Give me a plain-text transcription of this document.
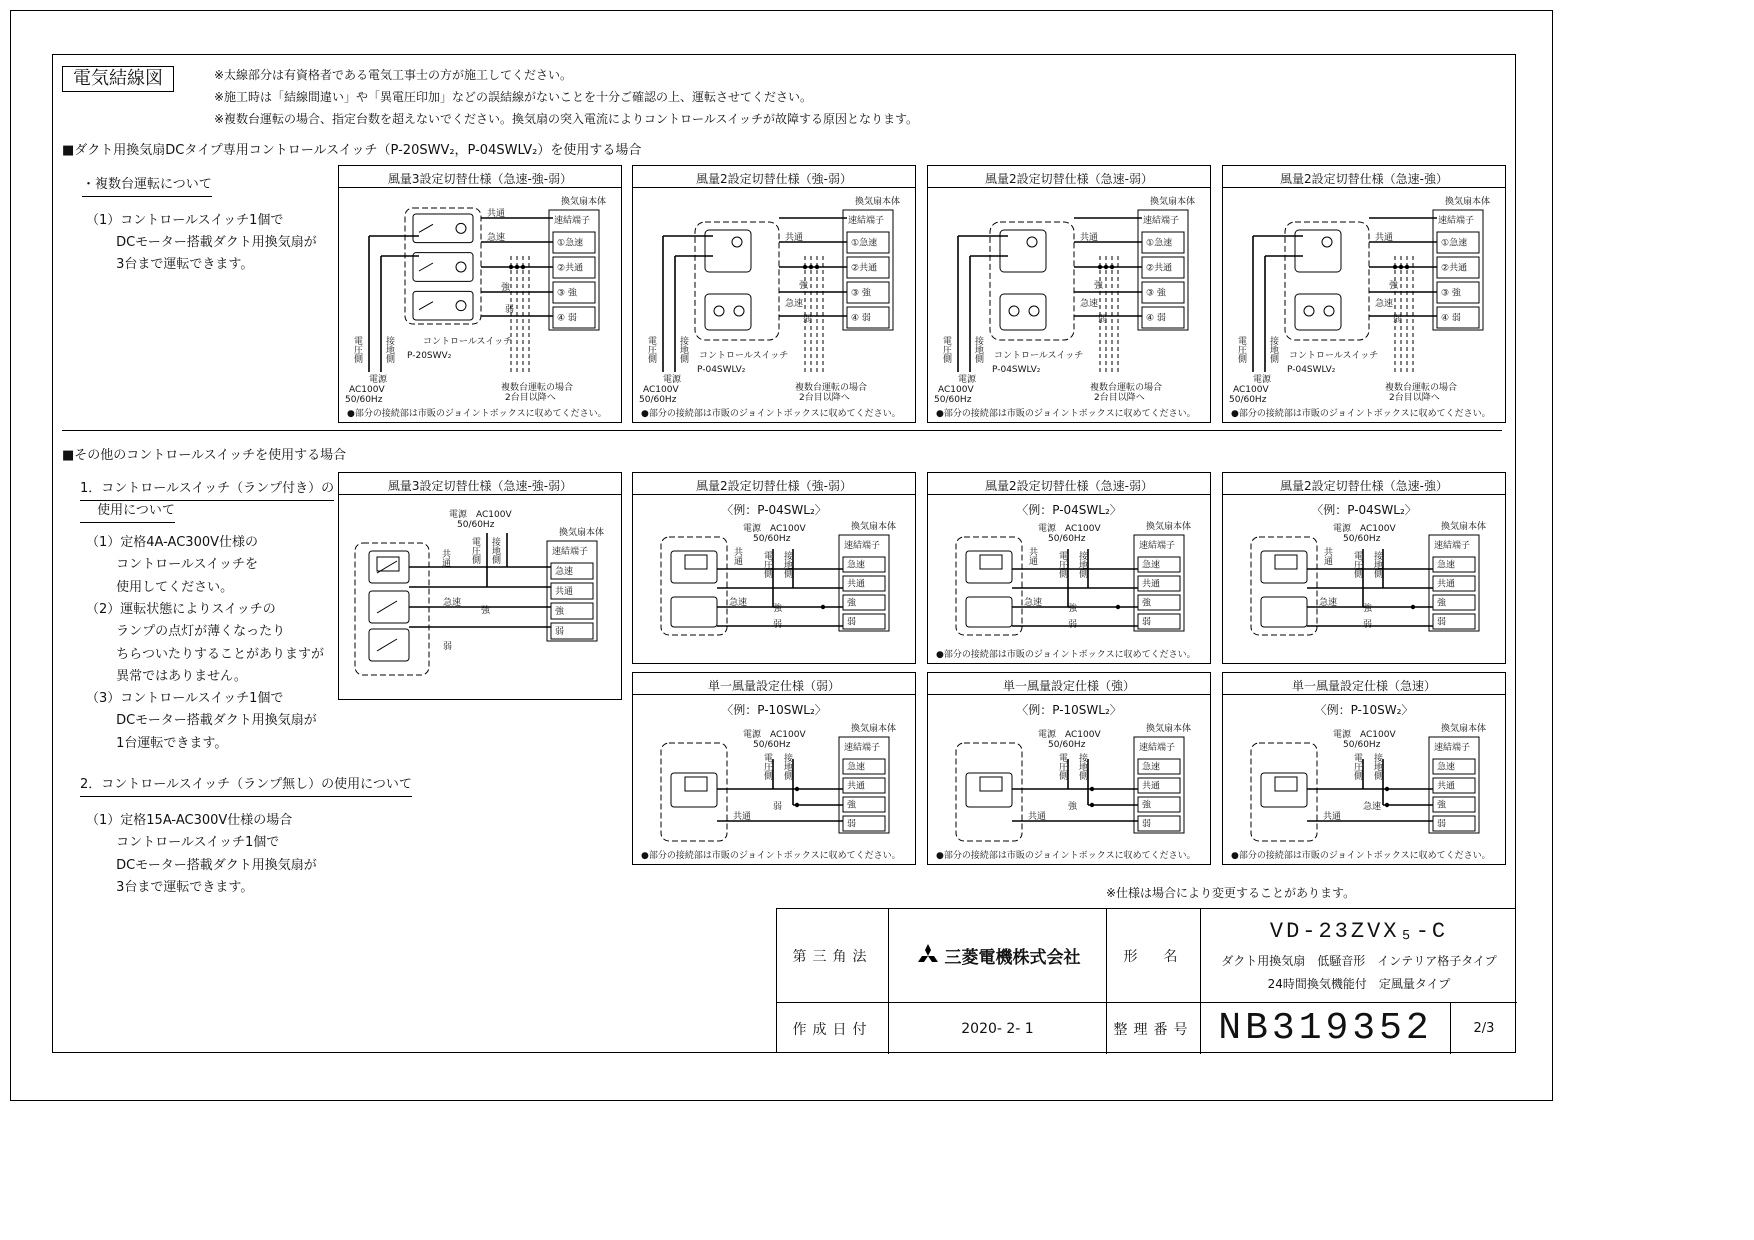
電気結線図	※太線部分は有資格者である電気工事士の方が施工してください。
※施工時は「結線間違い」や「異電圧印加」などの誤結線がないことを十分ご確認の上、運転させてください。
※複数台運転の場合、指定台数を超えないでください。換気扇の突入電流によりコントロールスイッチが故障する原因となります。
■ダクト用換気扇DCタイプ専用コントロールスイッチ（P-20SWV₂，P-04SWLV₂）を使用する場合
・複数台運転について
（1）コントロールスイッチ1個で
　　 DCモーター搭載ダクト用換気扇が
　　 3台まで運転できます。
■その他のコントロールスイッチを使用する場合
1．コントロールスイッチ（ランプ付き）の
　 使用について
（1）定格4A-AC300V仕様の
　　 コントロールスイッチを
　　 使用してください。
（2）運転状態によりスイッチの
　　 ランプの点灯が薄くなったり
　　 ちらついたりすることがありますが
　　 異常ではありません。
（3）コントロールスイッチ1個で
　　 DCモーター搭載ダクト用換気扇が
　　 1台運転できます。
2．コントロールスイッチ（ランプ無し）の使用について
（1）定格15A-AC300V仕様の場合
　　 コントロールスイッチ1個で
　　 DCモーター搭載ダクト用換気扇が
　　 3台まで運転できます。
風量3設定切替仕様（急速-強-弱）
換気扇本体
速結端子
①急速
②共通
③ 強
④ 弱
共通
急速
強
弱
電圧側 接地側	コントロールスイッチ
P-20SWV₂
電源
AC100V
50/60Hz
複数台運転の場合
2台目以降へ
●部分の接続部は市販のジョイントボックスに収めてください。
風量2設定切替仕様（強-弱）
換気扇本体
速結端子
①急速
②共通
③ 強
④ 弱
共通
急速
強
弱
電圧側 接地側 コントロールスイッチ
P-04SWLV₂
電源
AC100V
50/60Hz
複数台運転の場合
2台目以降へ
●部分の接続部は市販のジョイントボックスに収めてください。
風量2設定切替仕様（急速-弱）
換気扇本体
速結端子
①急速
②共通
③ 強
④ 弱
共通
急速
強
弱
電圧側 接地側 コントロールスイッチ
P-04SWLV₂
電源
AC100V
50/60Hz
複数台運転の場合
2台目以降へ
●部分の接続部は市販のジョイントボックスに収めてください。
風量2設定切替仕様（急速-強）
換気扇本体
速結端子
①急速
②共通
③ 強
④ 弱
共通
急速
強
弱
電圧側 接地側 コントロールスイッチ
P-04SWLV₂
電源
AC100V
50/60Hz
複数台運転の場合
2台目以降へ
●部分の接続部は市販のジョイントボックスに収めてください。
風量3設定切替仕様（急速-強-弱）
換気扇本体
速結端子
急速
共通
強
弱
電源　AC100V
50/60Hz
共通 電圧側 接地側
急速
強
弱
風量2設定切替仕様（強-弱）
〈例：P-04SWL₂〉
換気扇本体
速結端子
急速
共通
強
弱
電源　AC100V
50/60Hz
共通 電圧側 接地側
急速
強
弱
風量2設定切替仕様（急速-弱）
〈例：P-04SWL₂〉
換気扇本体
速結端子
急速
共通
強
弱
電源　AC100V
50/60Hz
共通 電圧側 接地側
急速
強
弱
●部分の接続部は市販のジョイントボックスに収めてください。
風量2設定切替仕様（急速-強）
〈例：P-04SWL₂〉
換気扇本体
速結端子
急速
共通
強
弱
電源　AC100V
50/60Hz
共通 電圧側 接地側
急速
強
弱
単一風量設定仕様（弱）
〈例：P-10SWL₂〉
換気扇本体
速結端子
急速
共通
強
弱
電源　AC100V
50/60Hz
電圧側 接地側
弱
共通
●部分の接続部は市販のジョイントボックスに収めてください。
単一風量設定仕様（強）
〈例：P-10SWL₂〉
換気扇本体
速結端子
急速
共通
強
弱
電源　AC100V
50/60Hz
電圧側 接地側
強
共通
●部分の接続部は市販のジョイントボックスに収めてください。
単一風量設定仕様（急速）
〈例：P-10SW₂〉
換気扇本体
速結端子
急速
共通
強
弱
電源　AC100V
50/60Hz
電圧側 接地側
急速
共通
●部分の接続部は市販のジョイントボックスに収めてください。
※仕様は場合により変更することがあります。
第三角法	三菱電機株式会社	形　名
VD-23ZVX₅-C
ダクト用換気扇　低騒音形　インテリア格子タイプ
24時間換気機能付　定風量タイプ
作成日付	2020- 2- 1	整理番号 NB319352	2/3
